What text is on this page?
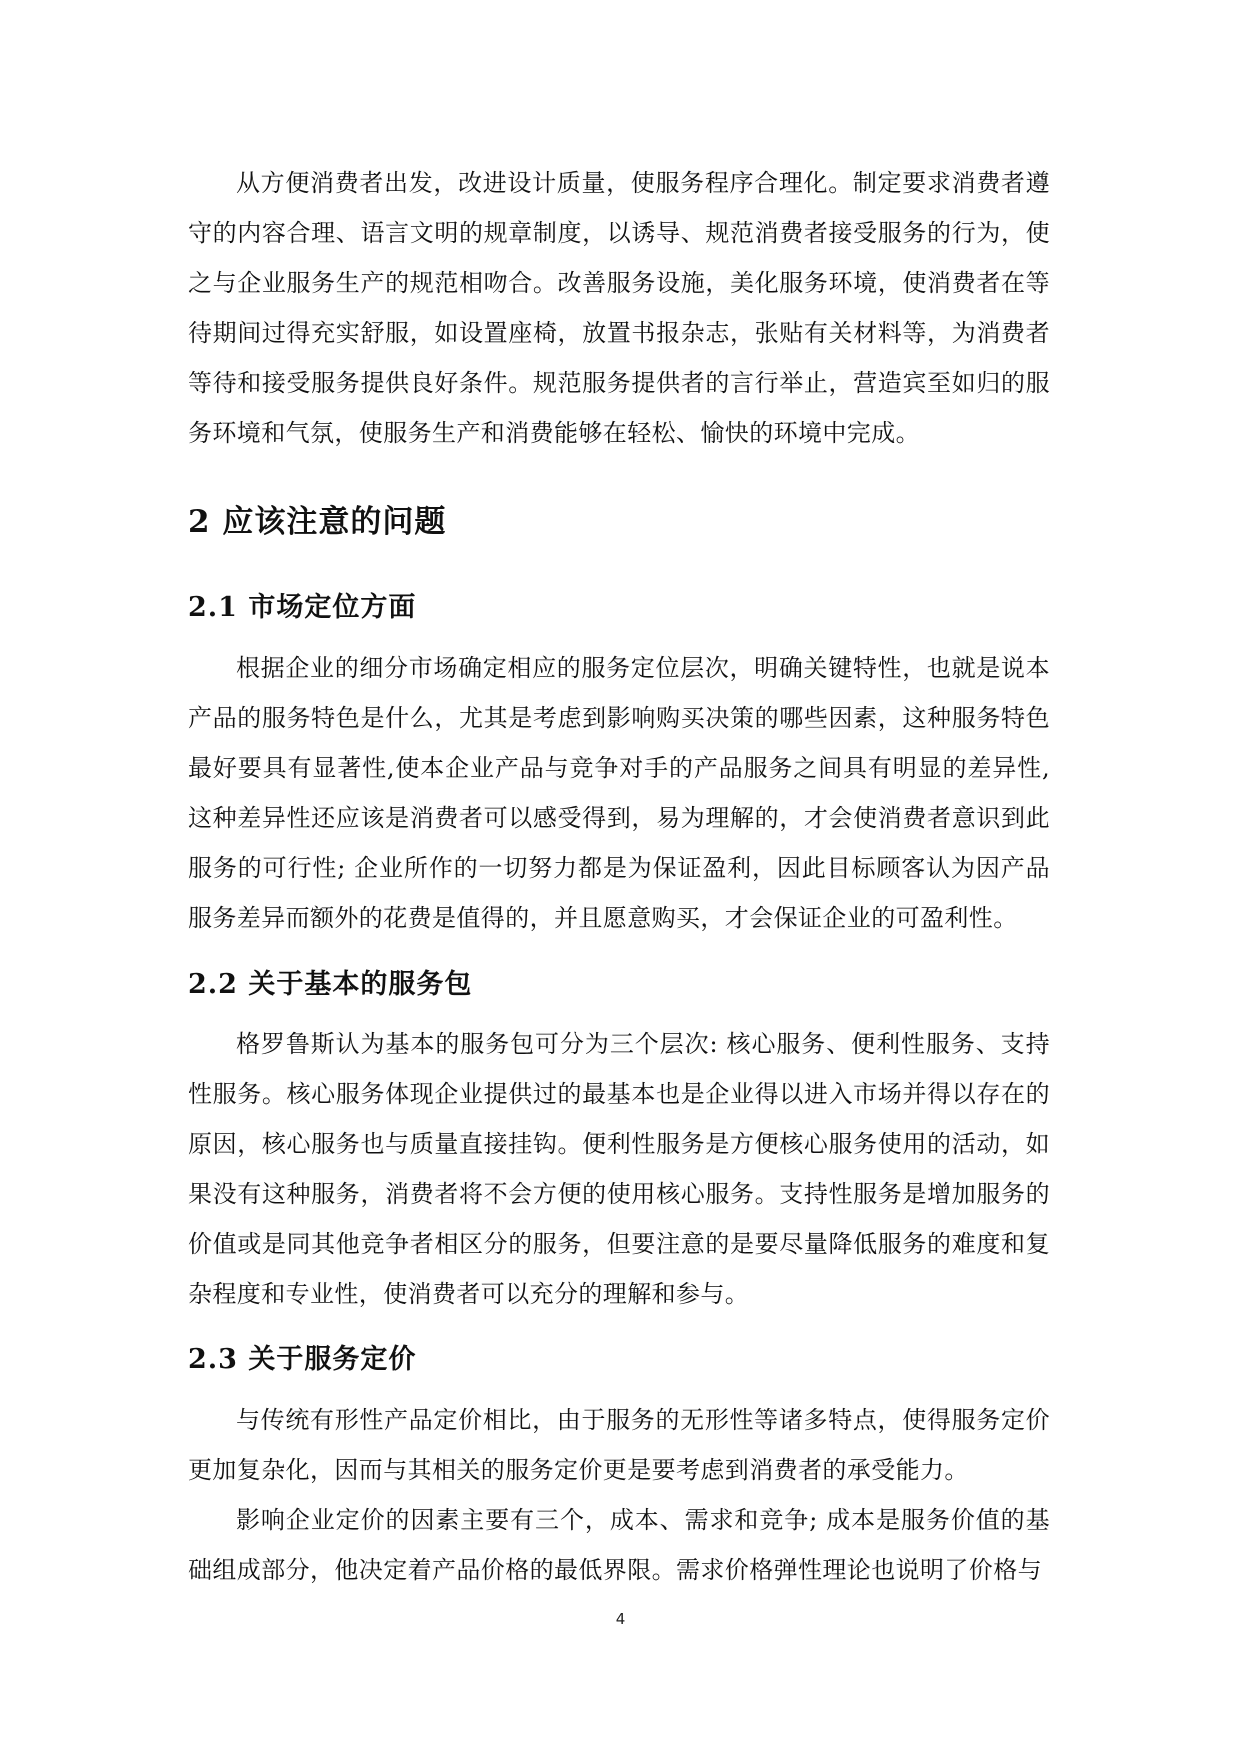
从方便消费者出发，改进设计质量，使服务程序合理化。制定要求消费者遵守的内容合理、语言文明的规章制度，以诱导、规范消费者接受服务的行为，使之与企业服务生产的规范相吻合。改善服务设施，美化服务环境，使消费者在等待期间过得充实舒服，如设置座椅，放置书报杂志，张贴有关材料等，为消费者等待和接受服务提供良好条件。规范服务提供者的言行举止，营造宾至如归的服务环境和气氛，使服务生产和消费能够在轻松、愉快的环境中完成。

2 应该注意的问题
2.1 市场定位方面

根据企业的细分市场确定相应的服务定位层次，明确关键特性，也就是说本产品的服务特色是什么，尤其是考虑到影响购买决策的哪些因素，这种服务特色最好要具有显著性,使本企业产品与竞争对手的产品服务之间具有明显的差异性,这种差异性还应该是消费者可以感受得到，易为理解的，才会使消费者意识到此服务的可行性; 企业所作的一切努力都是为保证盈利，因此目标顾客认为因产品服务差异而额外的花费是值得的，并且愿意购买，才会保证企业的可盈利性。

2.2 关于基本的服务包

格罗鲁斯认为基本的服务包可分为三个层次: 核心服务、便利性服务、支持性服务。核心服务体现企业提供过的最基本也是企业得以进入市场并得以存在的原因，核心服务也与质量直接挂钩。便利性服务是方便核心服务使用的活动，如果没有这种服务，消费者将不会方便的使用核心服务。支持性服务是增加服务的价值或是同其他竞争者相区分的服务，但要注意的是要尽量降低服务的难度和复杂程度和专业性，使消费者可以充分的理解和参与。

2.3 关于服务定价

与传统有形性产品定价相比，由于服务的无形性等诸多特点，使得服务定价更加复杂化，因而与其相关的服务定价更是要考虑到消费者的承受能力。

影响企业定价的因素主要有三个，成本、需求和竞争; 成本是服务价值的基础组成部分，他决定着产品价格的最低界限。需求价格弹性理论也说明了价格与

4
